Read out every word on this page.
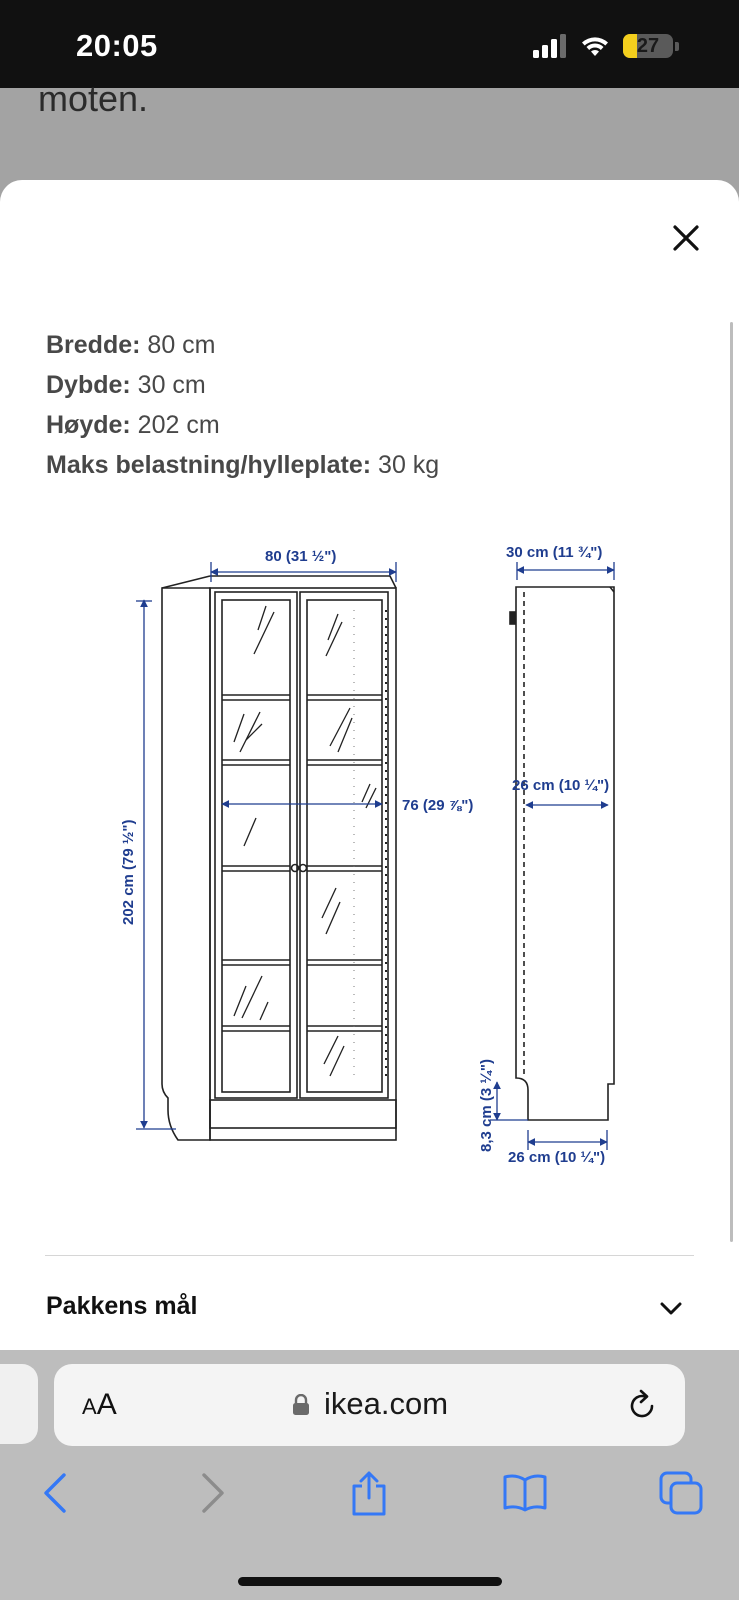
20:05	27
moten.
Bredde: 80 cm
Dybde: 30 cm
Høyde: 202 cm
Maks belastning/hylleplate: 30 kg
80 (31 ½")
202 cm (79 ½")
76 (29 ⅞")
30 cm (11 ¾")
26 cm (10 ¼")
8,3 cm (3 ¼")
26 cm (10 ¼")
Pakkens mål
AA	ikea.com
